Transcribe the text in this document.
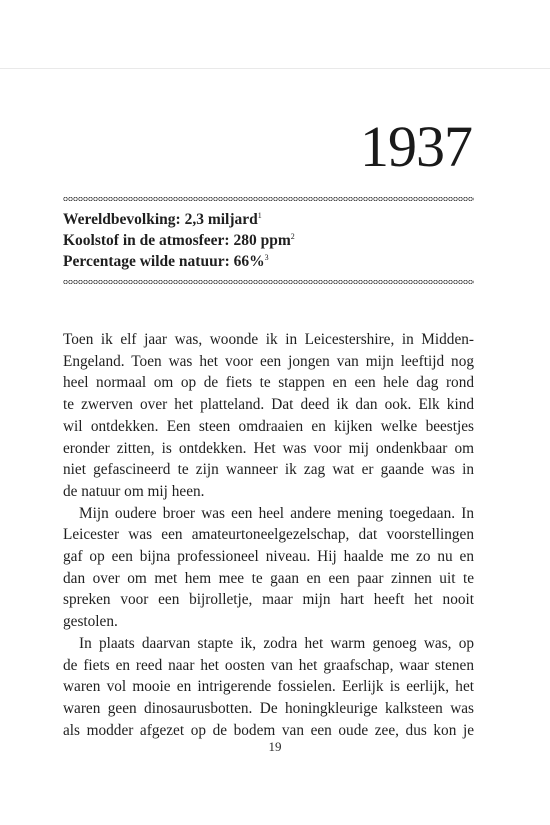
1937
Wereldbevolking: 2,3 miljard$^1$
Koolstof in de atmosfeer: 280 ppm$^2$
Percentage wilde natuur: 66%$^3$

Toen ik elf jaar was, woonde ik in Leicestershire, in Midden-
Engeland. Toen was het voor een jongen van mijn leeftijd nog
heel normaal om op de fiets te stappen en een hele dag rond
te zwerven over het platteland. Dat deed ik dan ook. Elk kind
wil ontdekken. Een steen omdraaien en kijken welke beestjes
eronder zitten, is ontdekken. Het was voor mij ondenkbaar om
niet gefascineerd te zijn wanneer ik zag wat er gaande was in
de natuur om mij heen.

Mijn oudere broer was een heel andere mening toegedaan. In
Leicester was een amateurtoneelgezelschap, dat voorstellingen
gaf op een bijna professioneel niveau. Hij haalde me zo nu en
dan over om met hem mee te gaan en een paar zinnen uit te
spreken voor een bijrolletje, maar mijn hart heeft het nooit
gestolen.

In plaats daarvan stapte ik, zodra het warm genoeg was, op
de fiets en reed naar het oosten van het graafschap, waar stenen
waren vol mooie en intrigerende fossielen. Eerlijk is eerlijk, het
waren geen dinosaurusbotten. De honingkleurige kalksteen was
als modder afgezet op de bodem van een oude zee, dus kon je

19
